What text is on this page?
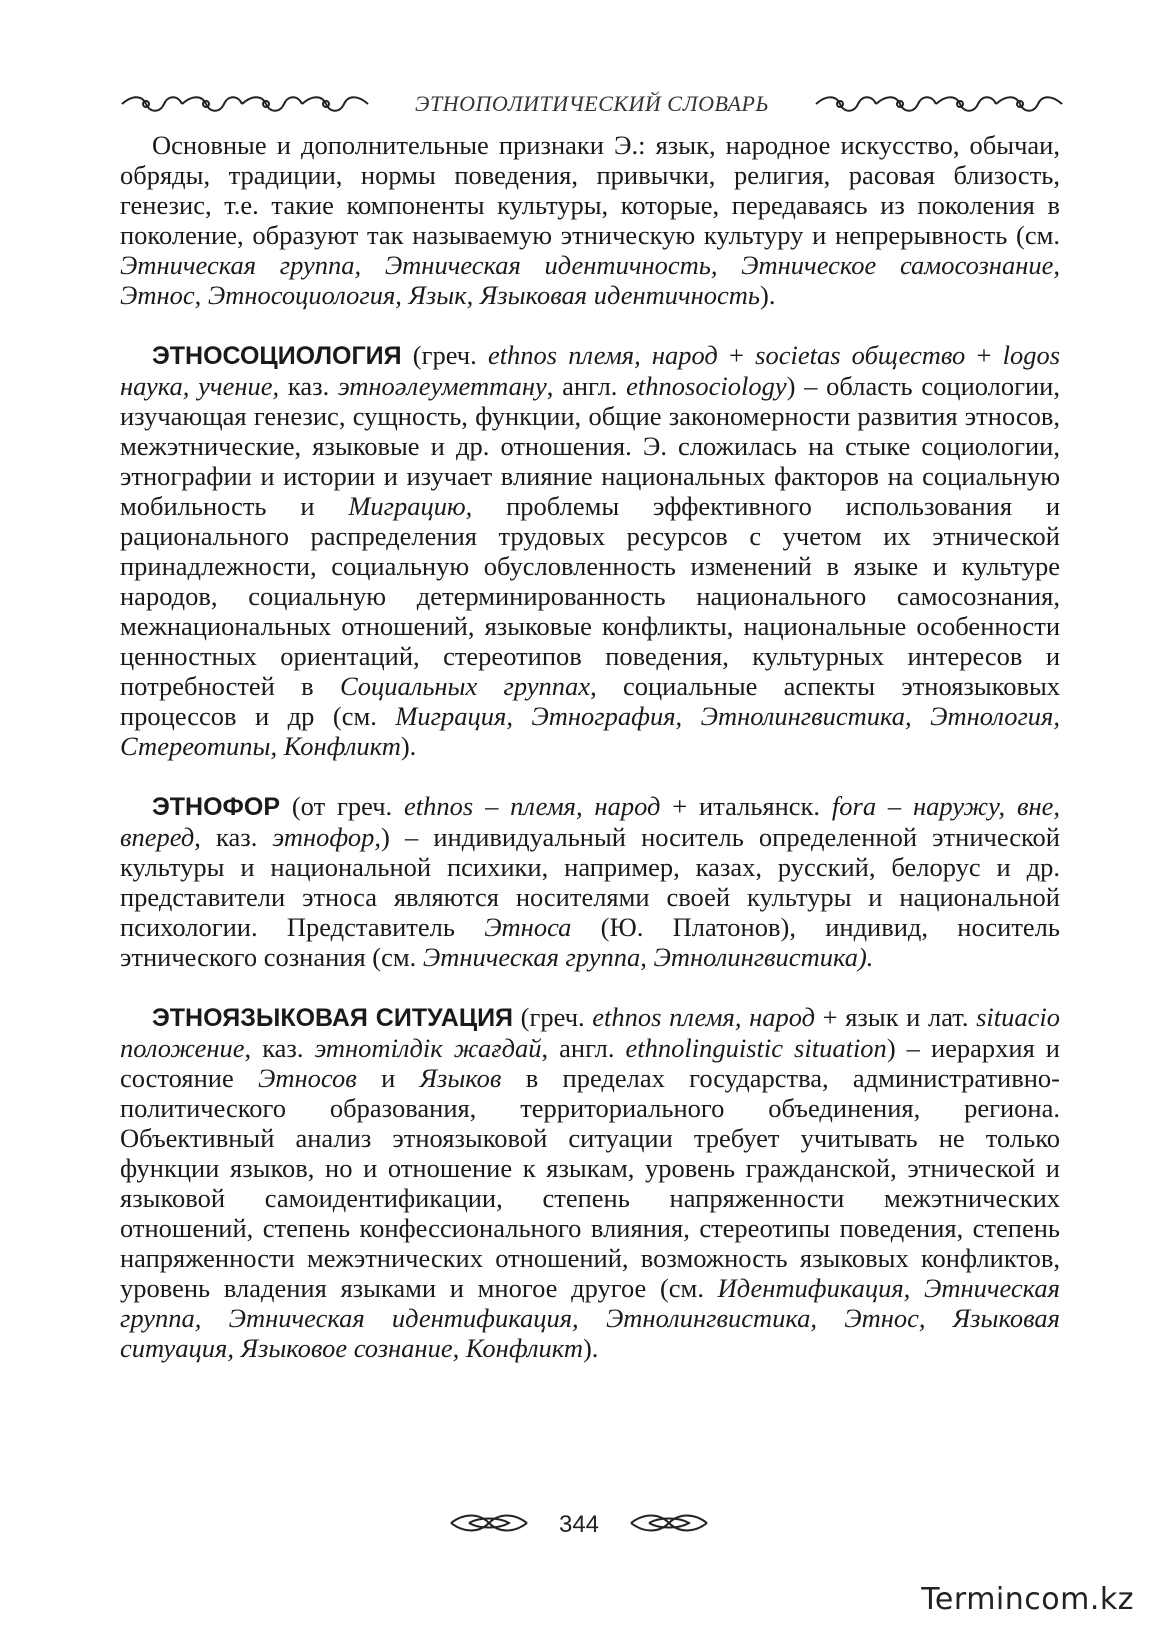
ЭТНОПОЛИТИЧЕСКИЙ СЛОВАРЬ

Основные и дополнительные признаки Э.: язык, народное искусство, обычаи, обряды, традиции, нормы поведения, привычки, религия, расовая близость, генезис, т.е. такие компоненты культуры, которые, передаваясь из поколения в поколение, образуют так называемую этническую культуру и непрерывность (см. Этническая группа, Этническая идентичность, Этническое самосознание, Этнос, Этносоциология, Язык, Языковая идентичность).

ЭТНОСОЦИОЛОГИЯ (греч. ethnos племя, народ + societas общество + logos наука, учение, каз. этноәлеуметтану, англ. ethnosociology) – область социологии, изучающая генезис, сущность, функции, общие закономерности развития этносов, межэтнические, языковые и др. отношения. Э. сложилась на стыке социологии, этнографии и истории и изучает влияние национальных факторов на социальную мобильность и Миграцию, проблемы эффективного использования и рационального распределения трудовых ресурсов с учетом их этнической принадлежности, социальную обусловленность изменений в языке и культуре народов, социальную детерминированность национального самосознания, межнациональных отношений, языковые конфликты, национальные особенности ценностных ориентаций, стереотипов поведения, культурных интересов и потребностей в Социальных группах, социальные аспекты этноязыковых процессов и др (см. Миграция, Этнография, Этнолингвистика, Этнология, Стереотипы, Конфликт).

ЭТНОФОР (от греч. ethnos – племя, народ + итальянск. fora – наружу, вне, вперед, каз. этнофор,) – индивидуальный носитель определенной этнической культуры и национальной психики, например, казах, русский, белорус и др. представители этноса являются носителями своей культуры и национальной психологии. Представитель Этноса (Ю. Платонов), индивид, носитель этнического сознания (см. Этническая группа, Этнолингвистика).

ЭТНОЯЗЫКОВАЯ СИТУАЦИЯ (греч. ethnos племя, народ + язык и лат. situacio положение, каз. этнотілдік жағдай, англ. ethnolinguistic situation) – иерархия и состояние Этносов и Языков в пределах государства, административно-политического образования, территориального объединения, региона. Объективный анализ этноязыковой ситуации требует учитывать не только функции языков, но и отношение к языкам, уровень гражданской, этнической и языковой самоидентификации, степень напряженности межэтнических отношений, степень конфессионального влияния, стереотипы поведения, степень напряженности межэтнических отношений, возможность языковых конфликтов, уровень владения языками и многое другое (см. Идентификация, Этническая группа, Этническая идентификация, Этнолингвистика, Этнос, Языковая ситуация, Языковое сознание, Конфликт).

344
Termincom.kz
